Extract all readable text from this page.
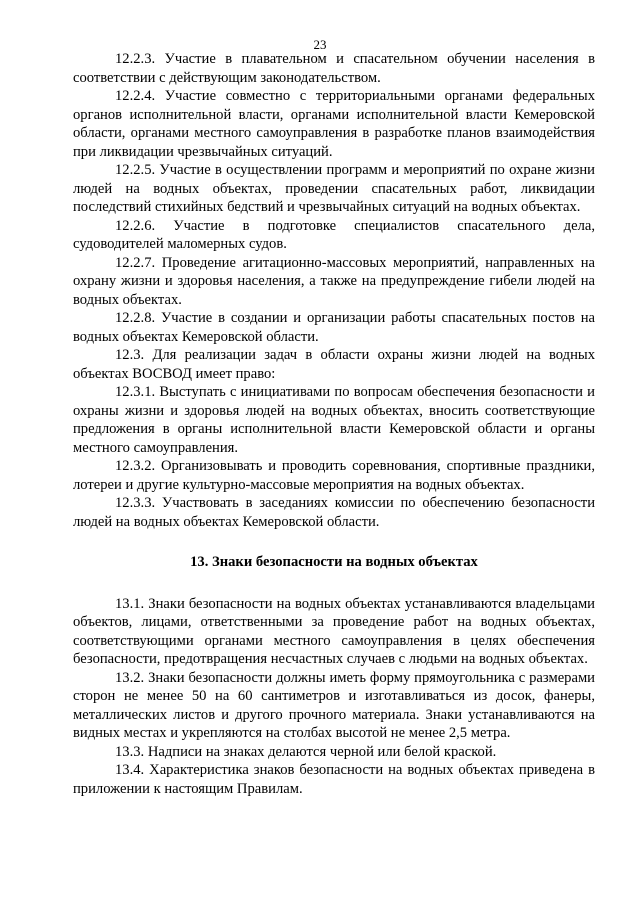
23

12.2.3. Участие в плавательном и спасательном обучении населения в соответствии с действующим законодательством.

12.2.4. Участие совместно с территориальными органами федеральных органов исполнительной власти, органами исполнительной власти Кемеровской области, органами местного самоуправления в разработке планов взаимодействия при ликвидации чрезвычайных ситуаций.

12.2.5. Участие в осуществлении программ и мероприятий по охране жизни людей на водных объектах, проведении спасательных работ, ликвидации последствий стихийных бедствий и чрезвычайных ситуаций на водных объектах.

12.2.6. Участие в подготовке специалистов спасательного дела, судоводителей маломерных судов.

12.2.7. Проведение агитационно-массовых мероприятий, направленных на охрану жизни и здоровья населения, а также на предупреждение гибели людей на водных объектах.

12.2.8. Участие в создании и организации работы спасательных постов на водных объектах Кемеровской области.

12.3. Для реализации задач в области охраны жизни людей на водных объектах ВОСВОД имеет право:

12.3.1. Выступать с инициативами по вопросам обеспечения безопасности и охраны жизни и здоровья людей на водных объектах, вносить соответствующие предложения в органы исполнительной власти Кемеровской области и органы местного самоуправления.

12.3.2. Организовывать и проводить соревнования, спортивные праздники, лотереи и другие культурно-массовые мероприятия на водных объектах.

12.3.3. Участвовать в заседаниях комиссии по обеспечению безопасности людей на водных объектах Кемеровской области.

13. Знаки безопасности на водных объектах

13.1. Знаки безопасности на водных объектах устанавливаются владельцами объектов, лицами, ответственными за проведение работ на водных объектах, соответствующими органами местного самоуправления в целях обеспечения безопасности, предотвращения несчастных случаев с людьми на водных объектах.

13.2. Знаки безопасности должны иметь форму прямоугольника с размерами сторон не менее 50 на 60 сантиметров и изготавливаться из досок, фанеры, металлических листов и другого прочного материала. Знаки устанавливаются на видных местах и укрепляются на столбах высотой не менее 2,5 метра.

13.3. Надписи на знаках делаются черной или белой краской.

13.4. Характеристика знаков безопасности на водных объектах приведена в приложении к настоящим Правилам.
